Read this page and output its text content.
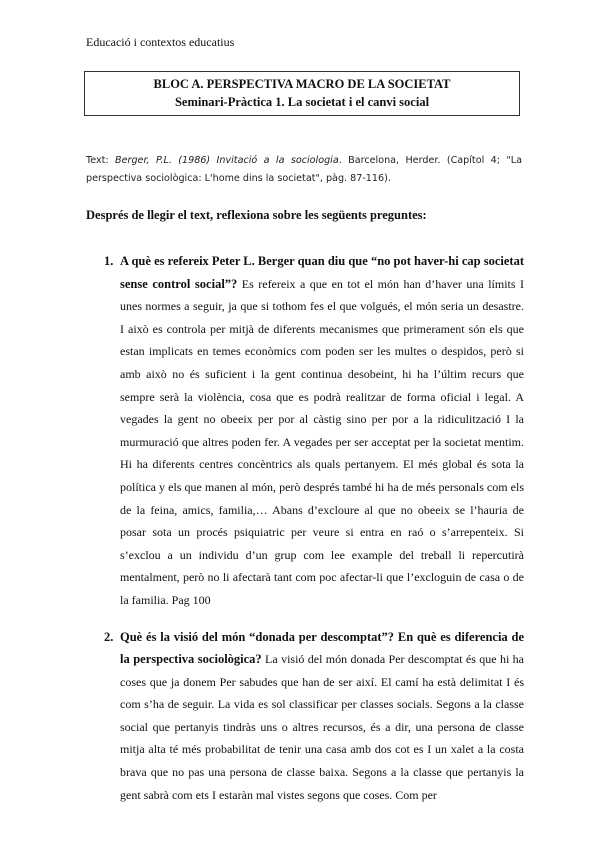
Educació i contextos educatius
BLOC A. PERSPECTIVA MACRO DE LA SOCIETAT
Seminari-Pràctica 1. La societat i el canvi social
Text: Berger, P.L. (1986) Invitació a la sociologia. Barcelona, Herder. (Capítol 4; "La perspectiva sociològica: L'home dins la societat", pàg. 87-116).
Després de llegir el text, reflexiona sobre les següents preguntes:
1. A què es refereix Peter L. Berger quan diu que “no pot haver-hi cap societat sense control social”? Es refereix a que en tot el món han d’haver una límits I unes normes a seguir, ja que si tothom fes el que volgués, el món seria un desastre. I això es controla per mitjà de diferents mecanismes que primerament són els que estan implicats en temes econòmics com poden ser les multes o despidos, però si amb això no és suficient i la gent continua desobeint, hi ha l’últim recurs que sempre serà la violència, cosa que es podrà realitzar de forma oficial i legal. A vegades la gent no obeeix per por al càstig sino per por a la ridiculització I la murmuració que altres poden fer. A vegades per ser acceptat per la societat mentim. Hi ha diferents centres concèntrics als quals pertanyem. El més global és sota la política y els que manen al món, però després també hi ha de més personals com els de la feina, amics, familia,… Abans d’excloure al que no obeeix se l’hauria de posar sota un procés psiquiatric per veure si entra en raó o s’arrepenteix. Si s’exclou a un individu d’un grup com lee example del treball li repercutirà mentalment, però no li afectarà tant com poc afectar-li que l’excloguin de casa o de la familia. Pag 100
2. Què és la visió del món “donada per descomptat”? En què es diferencia de la perspectiva sociològica? La visió del món donada Per descomptat és que hi ha coses que ja donem Per sabudes que han de ser així. El camí ha està delimitat I és com s’ha de seguir. La vida es sol classificar per classes socials. Segons a la classe social que pertanyis tindràs uns o altres recursos, és a dir, una persona de classe mitja alta té més probabilitat de tenir una casa amb dos cot es I un xalet a la costa brava que no pas una persona de classe baixa. Segons a la classe que pertanyis la gent sabrà com ets I estaràn mal vistes segons que coses. Com per
